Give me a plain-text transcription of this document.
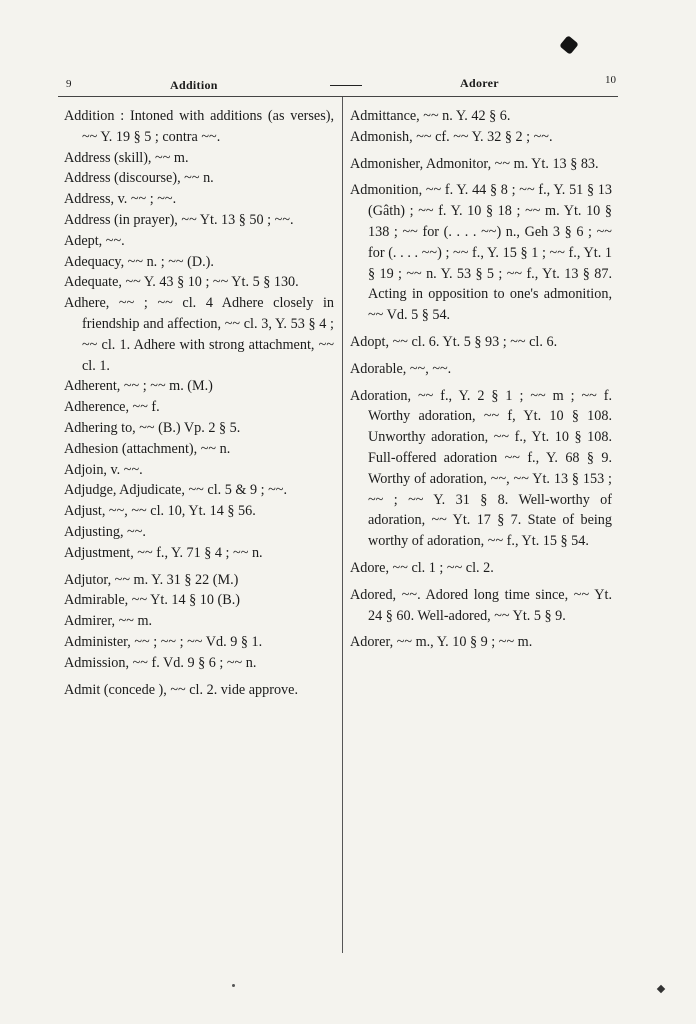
9	Addition	Adorer	10
Addition : Intoned with additions (as verses), ~~ Y. 19 § 5 ; contra ~~.
Address (skill), ~~ m.
Address (discourse), ~~ n.
Address, v. ~~ ; ~~.
Address (in prayer), ~~ Yt. 13 § 50 ; ~~.
Adept, ~~.
Adequacy, ~~ n. ; ~~ (D.).
Adequate, ~~ Y. 43 § 10 ; ~~ Yt. 5 § 130.
Adhere, ~~ ; ~~ cl. 4 Adhere closely in friendship and affection, ~~ cl. 3, Y. 53 § 4 ; ~~ cl. 1. Adhere with strong attachment, ~~ cl. 1.
Adherent, ~~ ; ~~ m. (M.)
Adherence, ~~ f.
Adhering to, ~~ (B.) Vp. 2 § 5.
Adhesion (attachment), ~~ n.
Adjoin, v. ~~.
Adjudge, Adjudicate, ~~ cl. 5 & 9 ; ~~.
Adjust, ~~, ~~ cl. 10, Yt. 14 § 56.
Adjusting, ~~.
Adjustment, ~~ f., Y. 71 § 4 ; ~~ n.
Adjutor, ~~ m. Y. 31 § 22 (M.)
Admirable, ~~ Yt. 14 § 10 (B.)
Admirer, ~~ m.
Administer, ~~ ; ~~ ; ~~ Vd. 9 § 1.
Admission, ~~ f. Vd. 9 § 6 ; ~~ n.
Admit (concede ), ~~ cl. 2. vide approve.
Admittance, ~~ n. Y. 42 § 6.
Admonish, ~~ cf. ~~ Y. 32 § 2 ; ~~.
Admonisher, Admonitor, ~~ m. Yt. 13 § 83.
Admonition, ~~ f. Y. 44 § 8 ; ~~ f., Y. 51 § 13 (Gâth) ; ~~ f. Y. 10 § 18 ; ~~ m. Yt. 10 § 138 ; ~~ for (. . . . ~~) n., Geh 3 § 6 ; ~~ for (. . . . ~~) ; ~~ f., Y. 15 § 1 ; ~~ f., Yt. 1 § 19 ; ~~ n. Y. 53 § 5 ; ~~ f., Yt. 13 § 87. Acting in opposition to one's admonition, ~~ Vd. 5 § 54.
Adopt, ~~ cl. 6. Yt. 5 § 93 ; ~~ cl. 6.
Adorable, ~~, ~~.
Adoration, ~~ f., Y. 2 § 1 ; ~~ m ; ~~ f. Worthy adoration, ~~ f, Yt. 10 § 108. Unworthy adoration, ~~ f., Yt. 10 § 108. Full-offered adoration ~~ f., Y. 68 § 9. Worthy of adoration, ~~, ~~ Yt. 13 § 153 ; ~~ ; ~~ Y. 31 § 8. Well-worthy of adoration, ~~ Yt. 17 § 7. State of being worthy of adoration, ~~ f., Yt. 15 § 54.
Adore, ~~ cl. 1 ; ~~ cl. 2.
Adored, ~~. Adored long time since, ~~ Yt. 24 § 60. Well-adored, ~~ Yt. 5 § 9.
Adorer, ~~ m., Y. 10 § 9 ; ~~ m.
